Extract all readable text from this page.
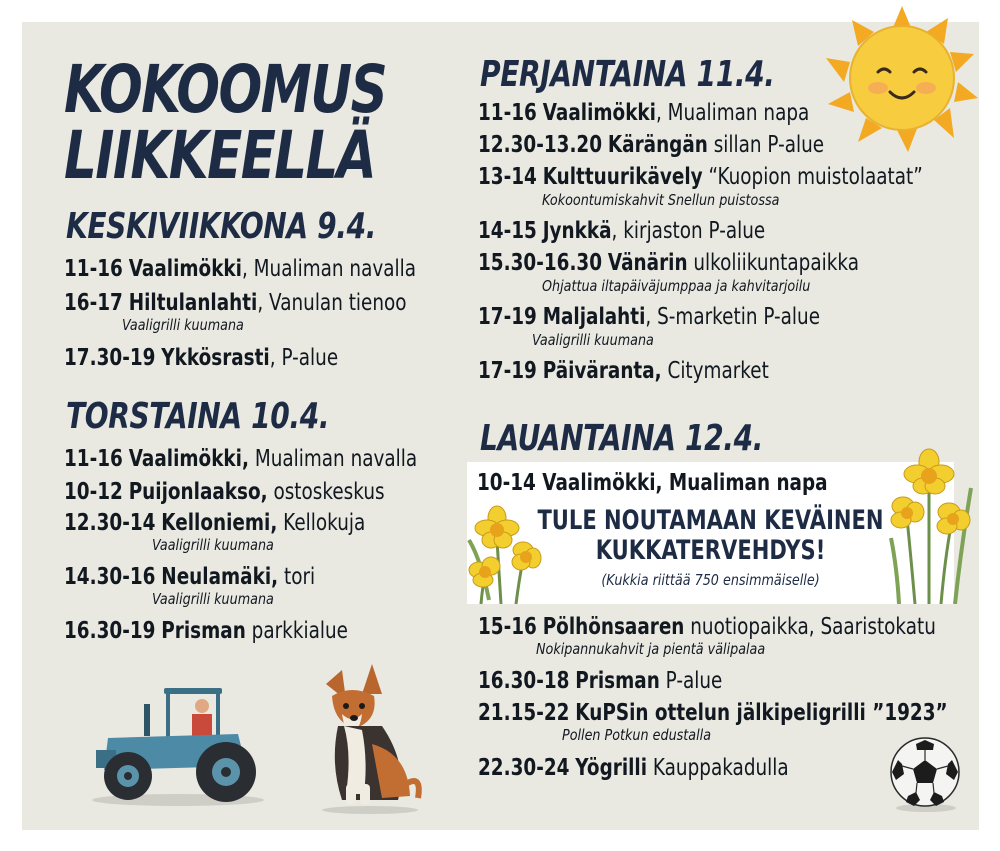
KOKOOMUS
LIIKKEELLÄ
KESKIVIIKKONA 9.4.
11-16 Vaalimökki, Mualiman navalla
16-17 Hiltulanlahti, Vanulan tienoo
Vaaligrilli kuumana
17.30-19 Ykkösrasti, P-alue
TORSTAINA 10.4.
11-16 Vaalimökki, Mualiman navalla
10-12 Puijonlaakso, ostoskeskus
12.30-14 Kelloniemi, Kellokuja
Vaaligrilli kuumana
14.30-16 Neulamäki, tori
Vaaligrilli kuumana
16.30-19 Prisman parkkialue
PERJANTAINA 11.4.
11-16 Vaalimökki, Mualiman napa
12.30-13.20 Kärängän sillan P-alue
13-14 Kulttuurikävely “Kuopion muistolaatat”
Kokoontumiskahvit Snellun puistossa
14-15 Jynkkä, kirjaston P-alue
15.30-16.30 Vänärin ulkoliikuntapaikka
Ohjattua iltapäiväjumppaa ja kahvitarjoilu
17-19 Maljalahti, S-marketin P-alue
Vaaligrilli kuumana
17-19 Päiväranta, Citymarket
LAUANTAINA 12.4.
10-14 Vaalimökki, Mualiman napa
TULE NOUTAMAAN KEVÄINEN
KUKKATERVEHDYS!
(Kukkia riittää 750 ensimmäiselle)
15-16 Pölhönsaaren nuotiopaikka, Saaristokatu
Nokipannukahvit ja pientä välipalaa
16.30-18 Prisman P-alue
21.15-22 KuPSin ottelun jälkipeligrilli ”1923”
Pollen Potkun edustalla
22.30-24 Yögrilli Kauppakadulla
